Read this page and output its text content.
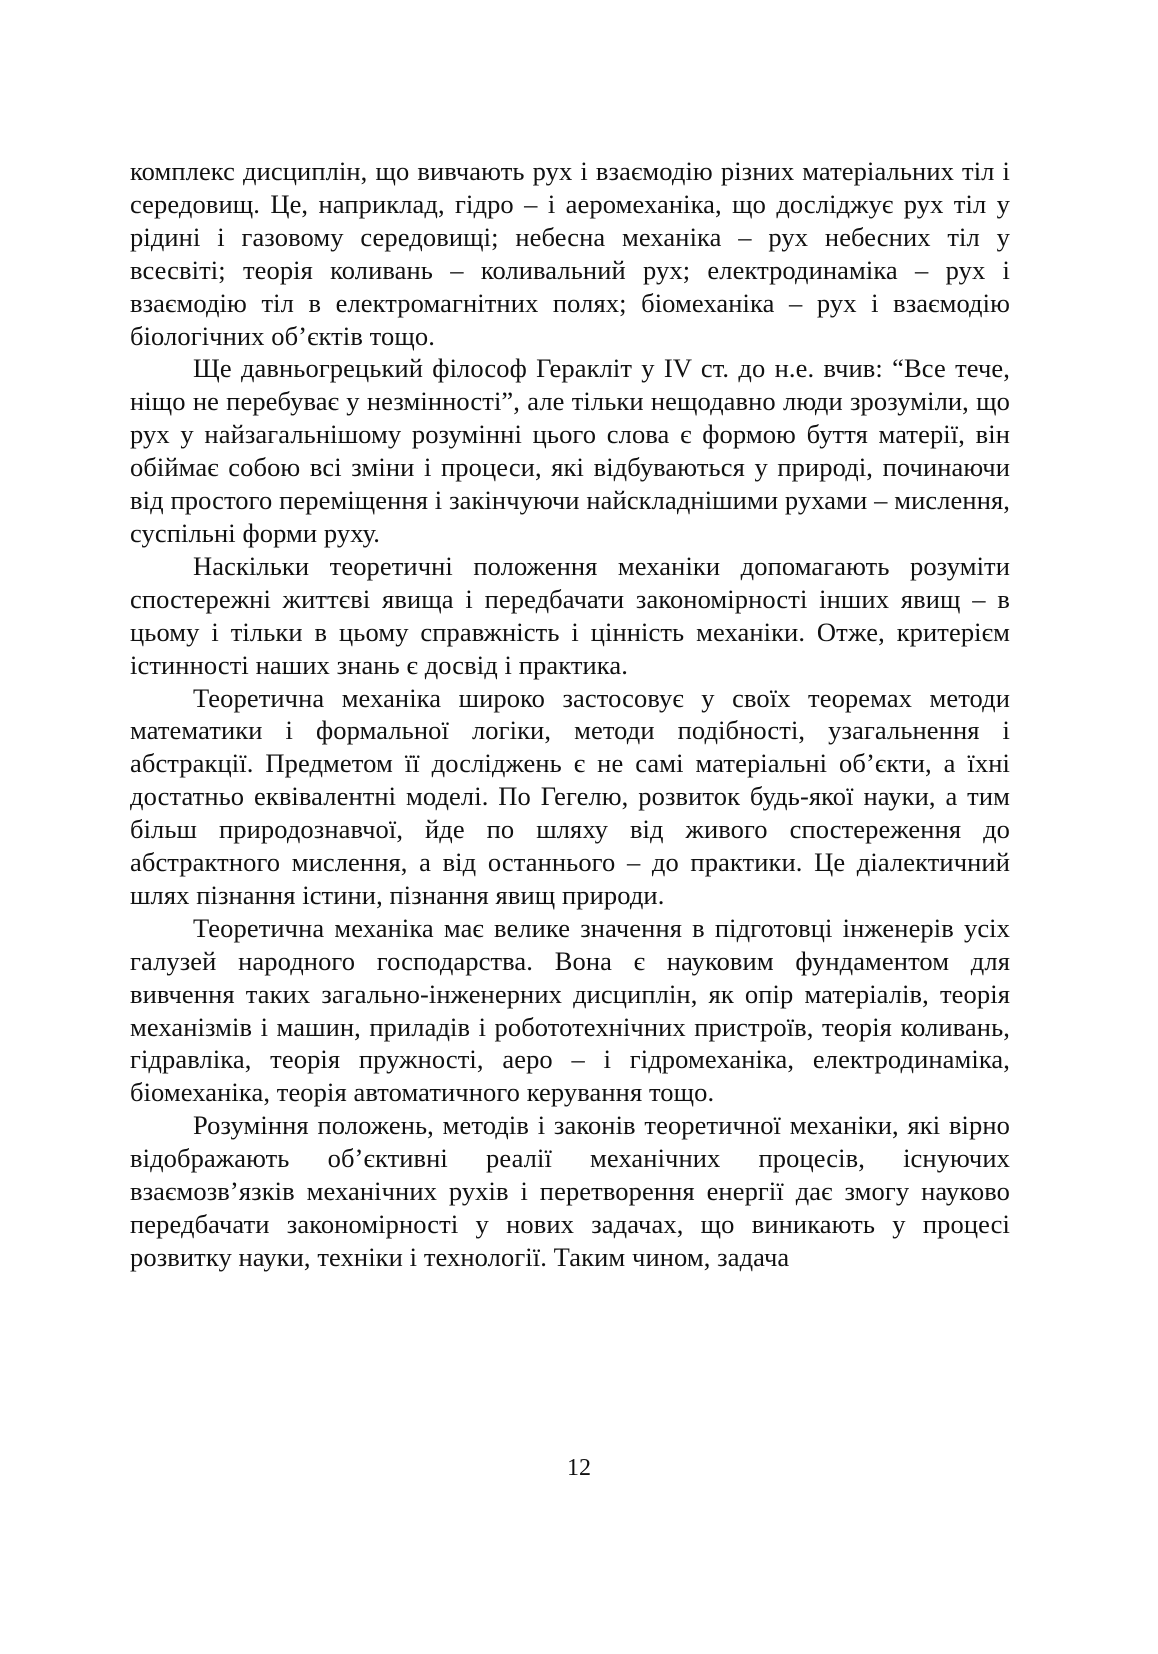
комплекс дисциплін, що вивчають рух і взаємодію різних матеріальних тіл і середовищ. Це, наприклад, гідро – і аеромеханіка, що досліджує рух тіл у рідині і газовому середовищі; небесна механіка – рух небесних тіл у всесвіті; теорія коливань – коливальний рух; електродинаміка – рух і взаємодію тіл в електромагнітних полях; біомеханіка – рух і взаємодію біологічних об’єктів тощо.

Ще давньогрецький філософ Геракліт у IV ст. до н.е. вчив: “Все тече, ніщо не перебуває у незмінності”, але тільки нещодавно люди зрозуміли, що рух у найзагальнішому розумінні цього слова є формою буття матерії, він обіймає собою всі зміни і процеси, які відбуваються у природі, починаючи від простого переміщення і закінчуючи найскладнішими рухами – мислення, суспільні форми руху.

Наскільки теоретичні положення механіки допомагають розуміти спостережні життєві явища і передбачати закономірності інших явищ – в цьому і тільки в цьому справжність і цінність механіки. Отже, критерієм істинності наших знань є досвід і практика.

Теоретична механіка широко застосовує у своїх теоремах методи математики і формальної логіки, методи подібності, узагальнення і абстракції. Предметом її досліджень є не самі матеріальні об’єкти, а їхні достатньо еквівалентні моделі. По Гегелю, розвиток будь-якої науки, а тим більш природознавчої, йде по шляху від живого спостереження до абстрактного мислення, а від останнього – до практики. Це діалектичний шлях пізнання істини, пізнання явищ природи.

Теоретична механіка має велике значення в підготовці інженерів усіх галузей народного господарства. Вона є науковим фундаментом для вивчення таких загально-інженерних дисциплін, як опір матеріалів, теорія механізмів і машин, приладів і робототехнічних пристроїв, теорія коливань, гідравліка, теорія пружності, аеро – і гідромеханіка, електродинаміка, біомеханіка, теорія автоматичного керування тощо.

Розуміння положень, методів і законів теоретичної механіки, які вірно відображають об’єктивні реалії механічних процесів, існуючих взаємозв’язків механічних рухів і перетворення енергії дає змогу науково передбачати закономірності у нових задачах, що виникають у процесі розвитку науки, техніки і технології. Таким чином, задача

12
